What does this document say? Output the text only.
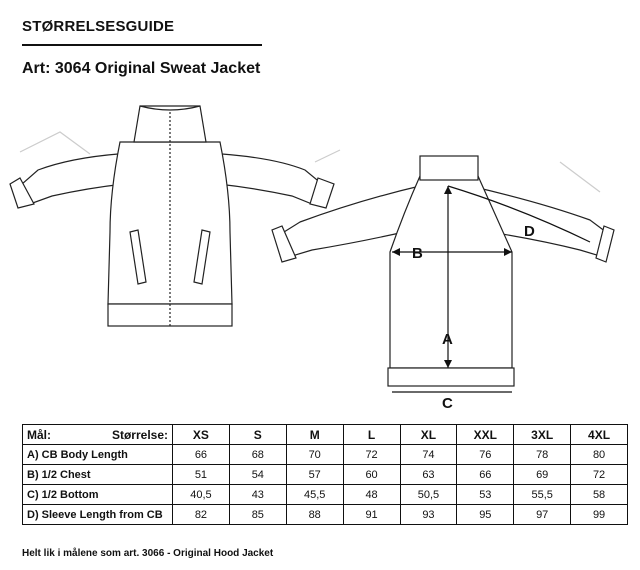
STØRRELSESGUIDE
Art: 3064 Original Sweat Jacket
A
B
C
D
Mål: Størrelse:	XS	S	M	L	XL	XXL	3XL	4XL
A) CB Body Length	66	68	70	72	74	76	78	80
B) 1/2 Chest	51	54	57	60	63	66	69	72
C) 1/2 Bottom	40,5	43	45,5	48	50,5	53	55,5	58
D) Sleeve Length from CB	82	85	88	91	93	95	97	99
Helt lik i målene som art. 3066 - Original Hood Jacket
